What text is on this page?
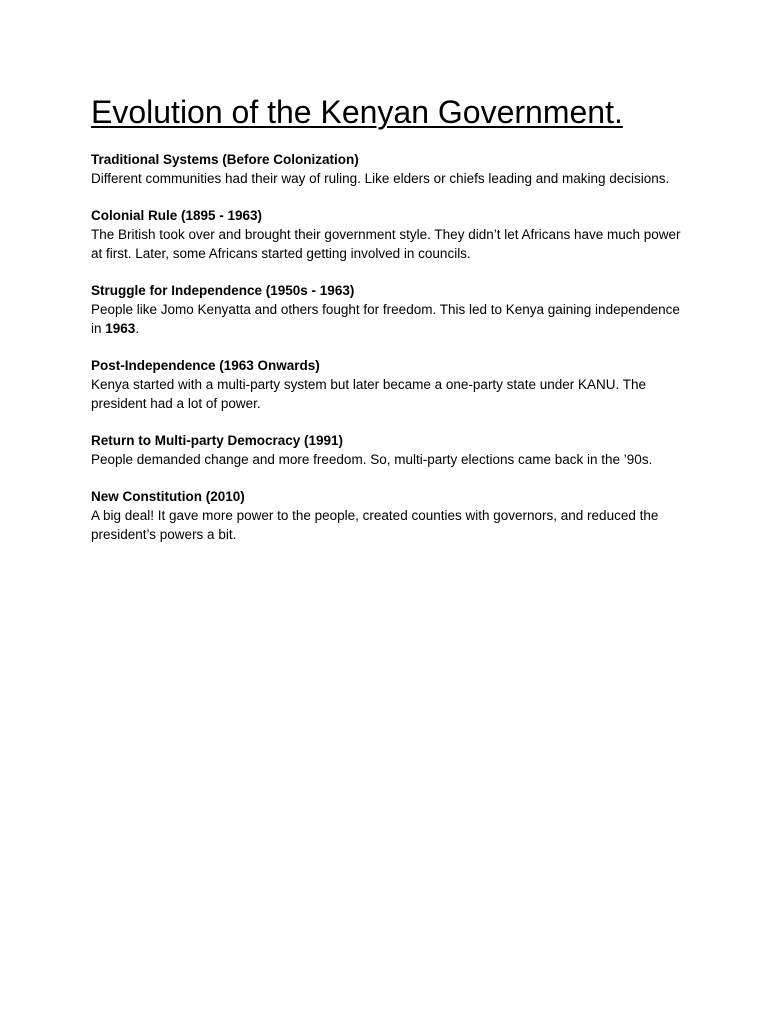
Evolution of the Kenyan Government.

Traditional Systems (Before Colonization)

Different communities had their way of ruling. Like elders or chiefs leading and making decisions.

Colonial Rule (1895 - 1963)

The British took over and brought their government style. They didn’t let Africans have much power at first. Later, some Africans started getting involved in councils.

Struggle for Independence (1950s - 1963)

People like Jomo Kenyatta and others fought for freedom. This led to Kenya gaining independence in 1963.

Post-Independence (1963 Onwards)

Kenya started with a multi-party system but later became a one-party state under KANU. The president had a lot of power.

Return to Multi-party Democracy (1991)

People demanded change and more freedom. So, multi-party elections came back in the ’90s.

New Constitution (2010)

A big deal! It gave more power to the people, created counties with governors, and reduced the president’s powers a bit.
